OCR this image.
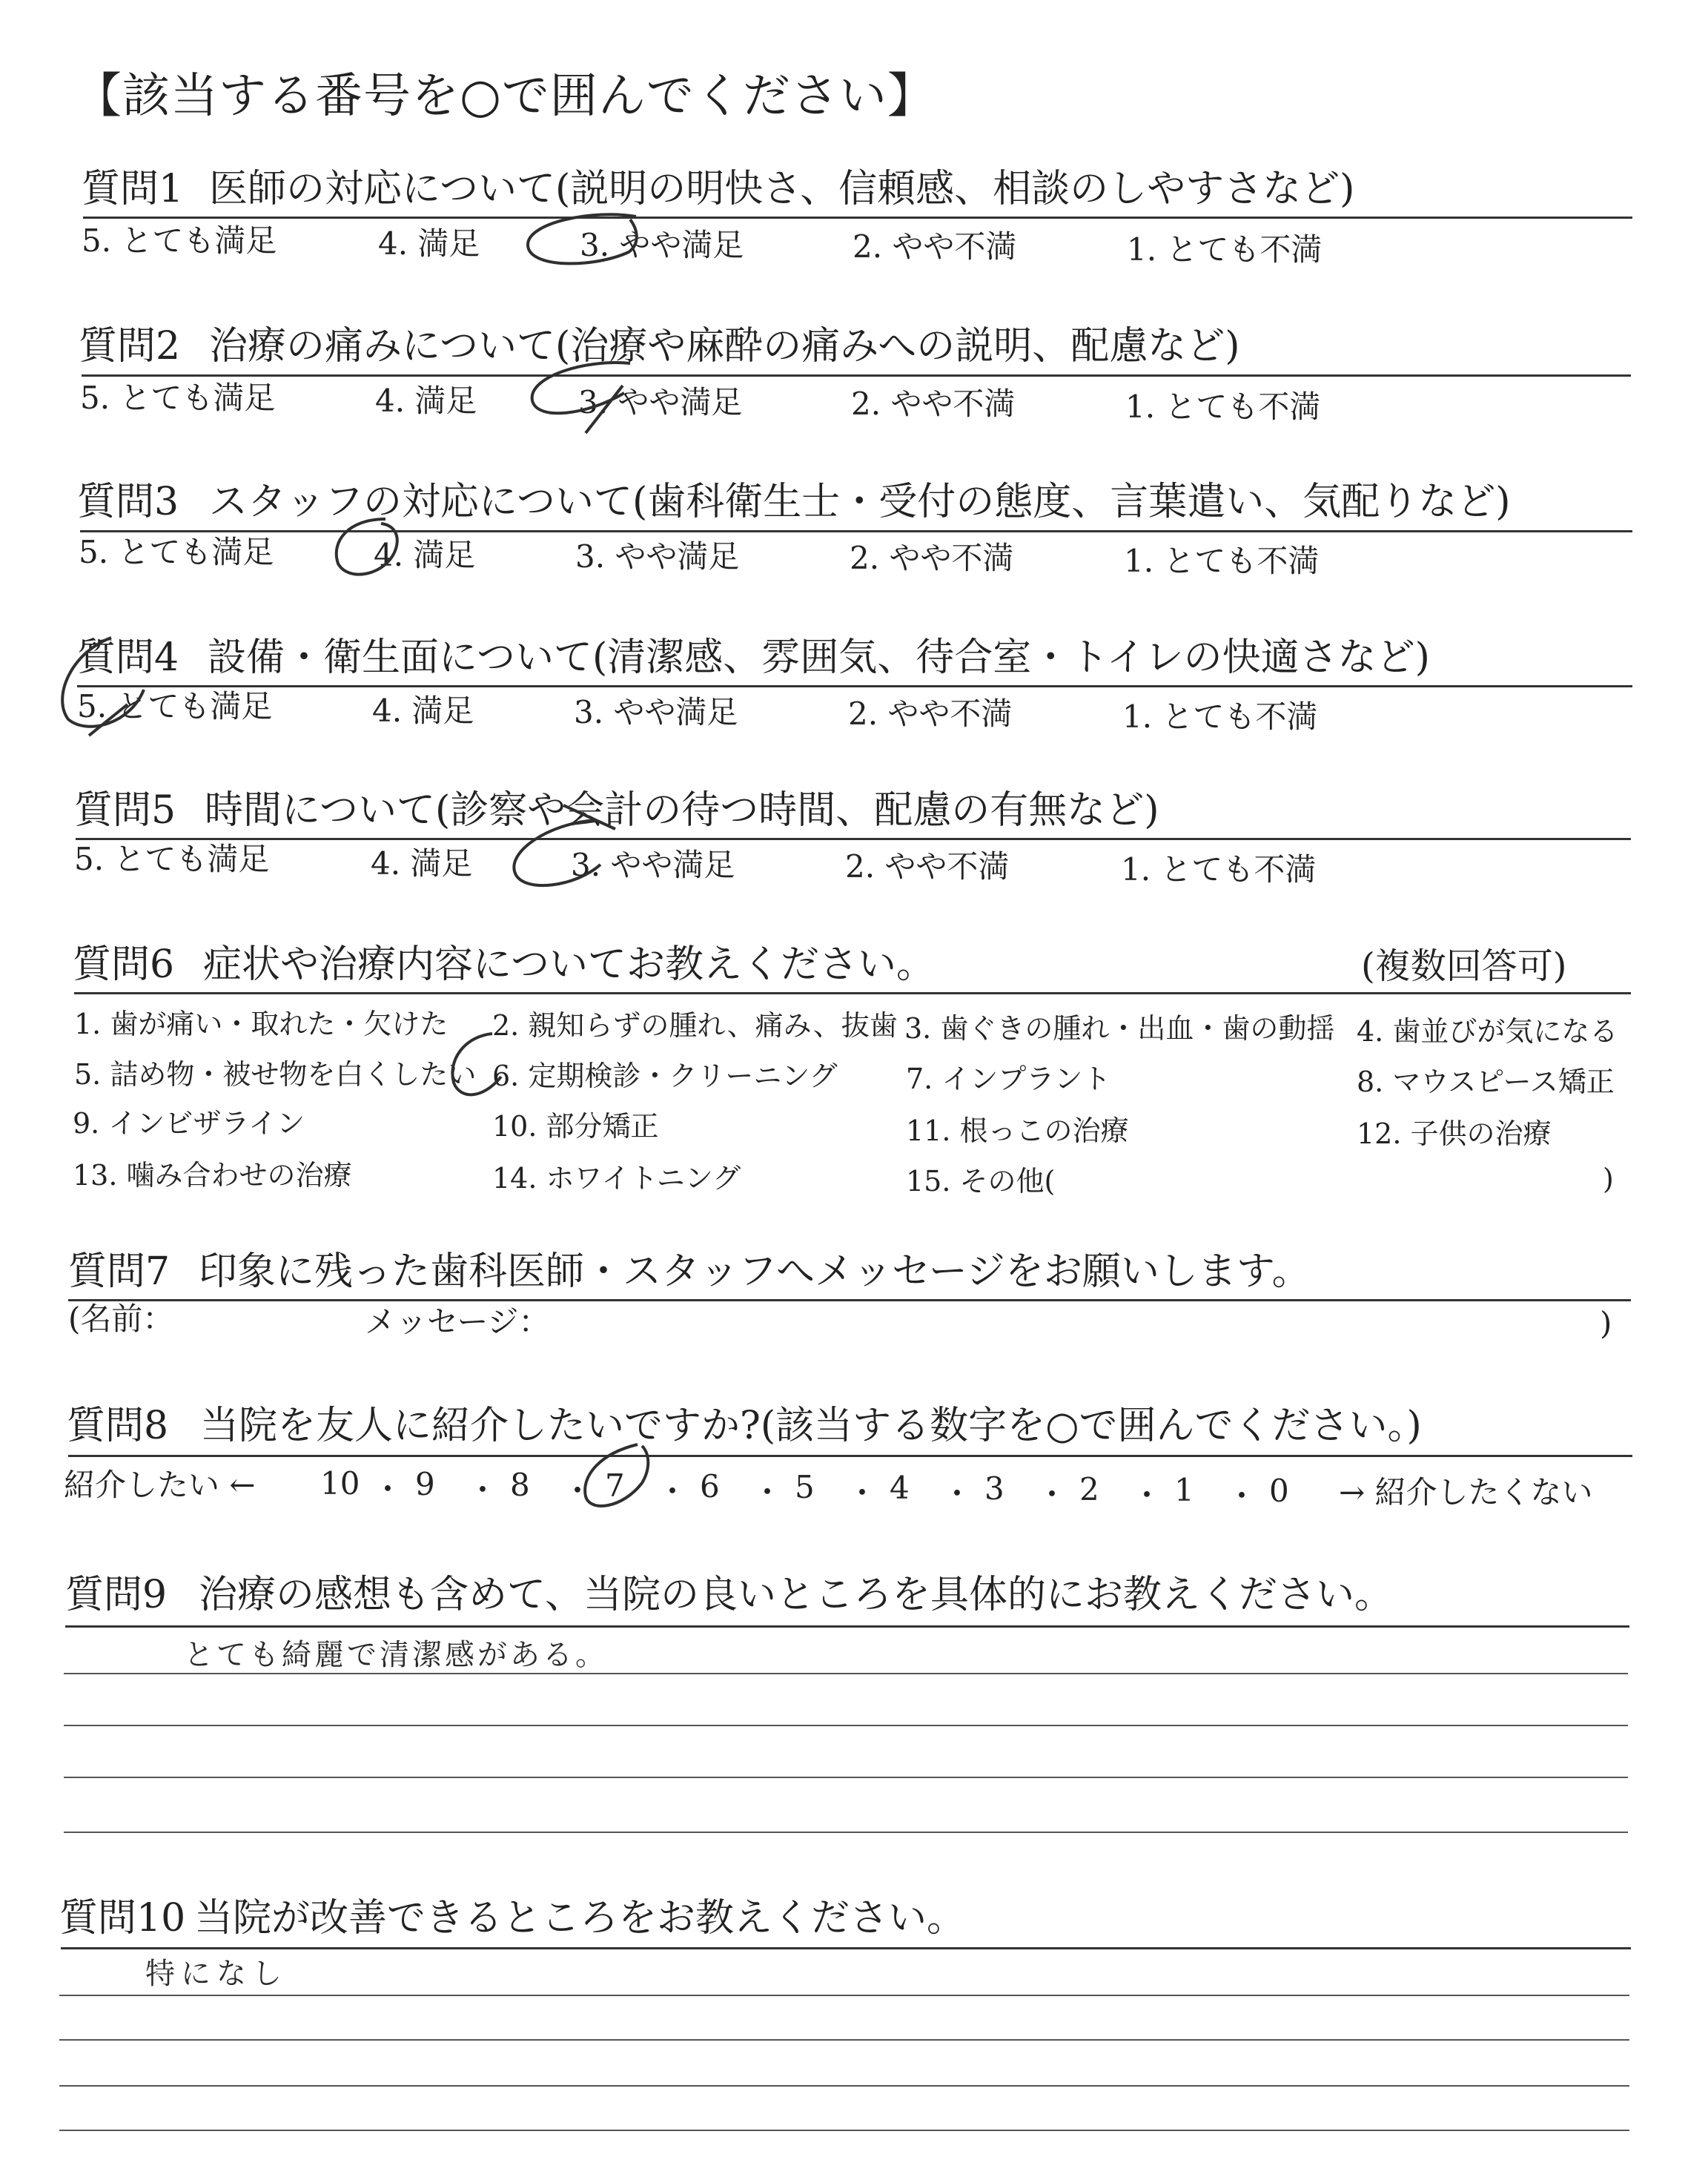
【該当する番号を○で囲んでください】
質問1 医師の対応について(説明の明快さ、信頼感、相談のしやすさなど)
5. とても満足	4. 満足	3. やや満足	2. やや不満	1. とても不満
質問2 治療の痛みについて(治療や麻酔の痛みへの説明、配慮など)
5. とても満足	4. 満足	3. やや満足	2. やや不満	1. とても不満
質問3 スタッフの対応について(歯科衛生士・受付の態度、言葉遣い、気配りなど)
5. とても満足	4. 満足	3. やや満足	2. やや不満	1. とても不満
質問4 設備・衛生面について(清潔感、雰囲気、待合室・トイレの快適さなど)
5. とても満足	4. 満足	3. やや満足	2. やや不満	1. とても不満
質問5 時間について(診察や会計の待つ時間、配慮の有無など)
5. とても満足	4. 満足	3. やや満足	2. やや不満	1. とても不満
質問6 症状や治療内容についてお教えください。	(複数回答可)
1. 歯が痛い・取れた・欠けた 2. 親知らずの腫れ、痛み、抜歯 3. 歯ぐきの腫れ・出血・歯の動揺 4. 歯並びが気になる
5. 詰め物・被せ物を白くしたい 6. 定期検診・クリーニング 7. インプラント	8. マウスピース矯正
9. インビザライン	10. 部分矯正	11. 根っこの治療	12. 子供の治療
13. 噛み合わせの治療	14. ホワイトニング	15. その他(	)
質問7 印象に残った歯科医師・スタッフへメッセージをお願いします。
(名前：	メッセージ：	)
質問8 当院を友人に紹介したいですか?(該当する数字を○で囲んでください。)
紹介したい ← 10 ・ 9 ・ 8 ・ 7 ・ 6 ・ 5 ・ 4 ・ 3 ・ 2 ・ 1 ・ 0 → 紹介したくない
質問9 治療の感想も含めて、当院の良いところを具体的にお教えください。
とても綺麗で清潔感がある。
質問10 当院が改善できるところをお教えください。
特になし
